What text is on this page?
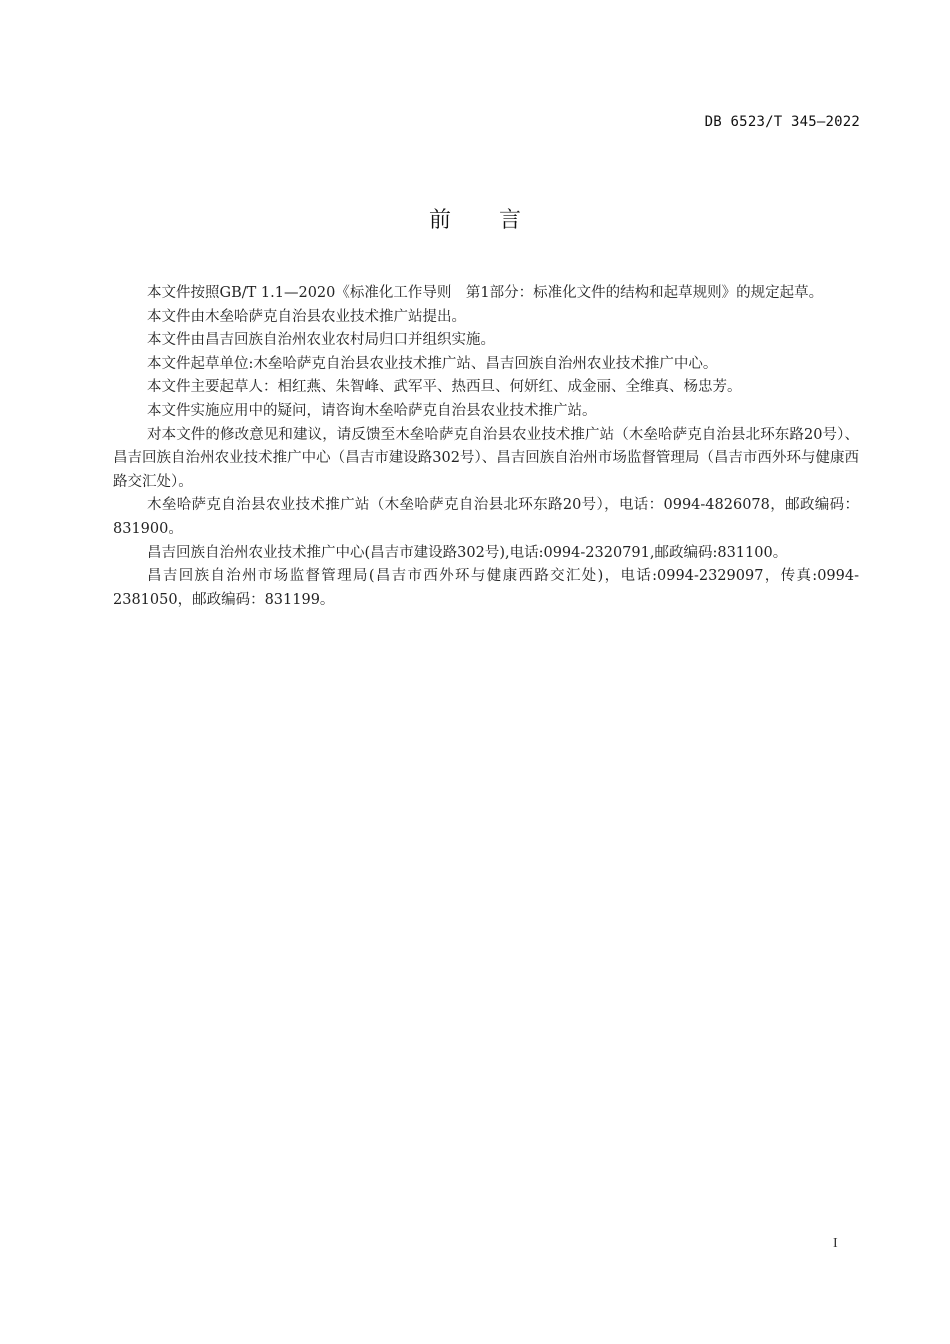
DB 6523/T 345—2022
前 言

本文件按照GB/T 1.1—2020《标准化工作导则　第1部分：标准化文件的结构和起草规则》的规定起草。

本文件由木垒哈萨克自治县农业技术推广站提出。

本文件由昌吉回族自治州农业农村局归口并组织实施。

本文件起草单位:木垒哈萨克自治县农业技术推广站、昌吉回族自治州农业技术推广中心。

本文件主要起草人：相红燕、朱智峰、武军平、热西旦、何妍红、成金丽、全维真、杨忠芳。

本文件实施应用中的疑问，请咨询木垒哈萨克自治县农业技术推广站。

对本文件的修改意见和建议，请反馈至木垒哈萨克自治县农业技术推广站（木垒哈萨克自治县北环东路20号）、昌吉回族自治州农业技术推广中心（昌吉市建设路302号）、昌吉回族自治州市场监督管理局（昌吉市西外环与健康西路交汇处）。

木垒哈萨克自治县农业技术推广站（木垒哈萨克自治县北环东路20号），电话：0994-4826078，邮政编码：831900。

昌吉回族自治州农业技术推广中心(昌吉市建设路302号),电话:0994-2320791,邮政编码:831100。

昌吉回族自治州市场监督管理局(昌吉市西外环与健康西路交汇处)，电话:0994-2329097，传真:0994-2381050，邮政编码：831199。

I
